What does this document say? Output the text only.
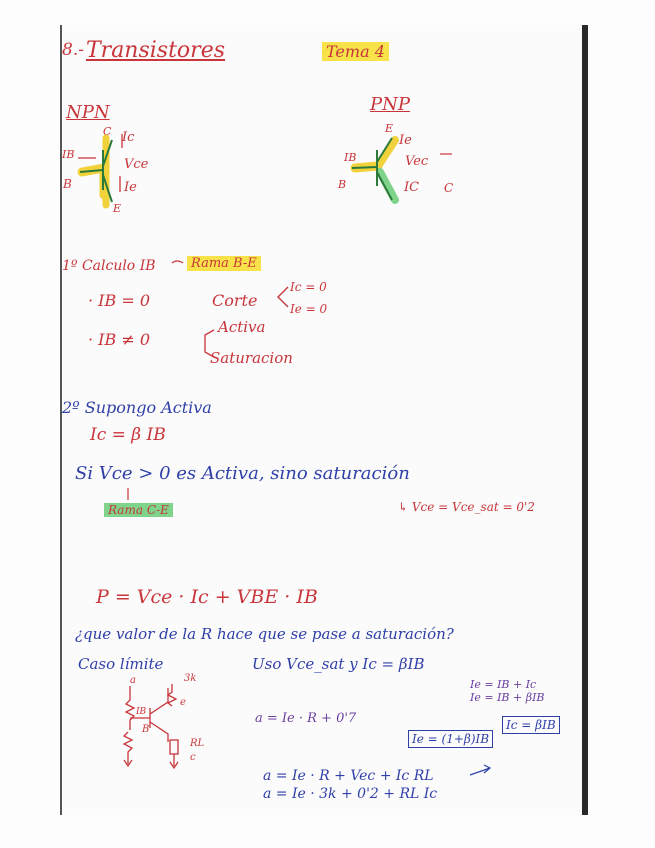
8.- Transistores	Tema 4
NPN	PNP
C Ic
IB
Vce
B	Ie
E
E
Ie
IB	Vec
B	IC C
1º Calculo IB	Rama B-E
· IB = 0	Corte
Ic = 0
Ie = 0
· IB ≠ 0
Activa
Saturacion
2º Supongo Activa
Ic = β IB
Si Vce > 0 es Activa, sino saturación
Rama C-E	↳ Vce = Vce_sat = 0'2
P = Vce · Ic + VBE · IB
¿que valor de la R hace que se pase a saturación?
Caso límite	Uso Vce_sat y Ic = βIB
a	3k
IB
e
B
RL
c
a = Ie · R + 0'7
Ie = IB + Ic
Ie = IB + βIB
Ie = (1+β)IB
Ic = βIB
a = Ie · R + Vec + Ic RL
a = Ie · 3k + 0'2 + RL Ic
